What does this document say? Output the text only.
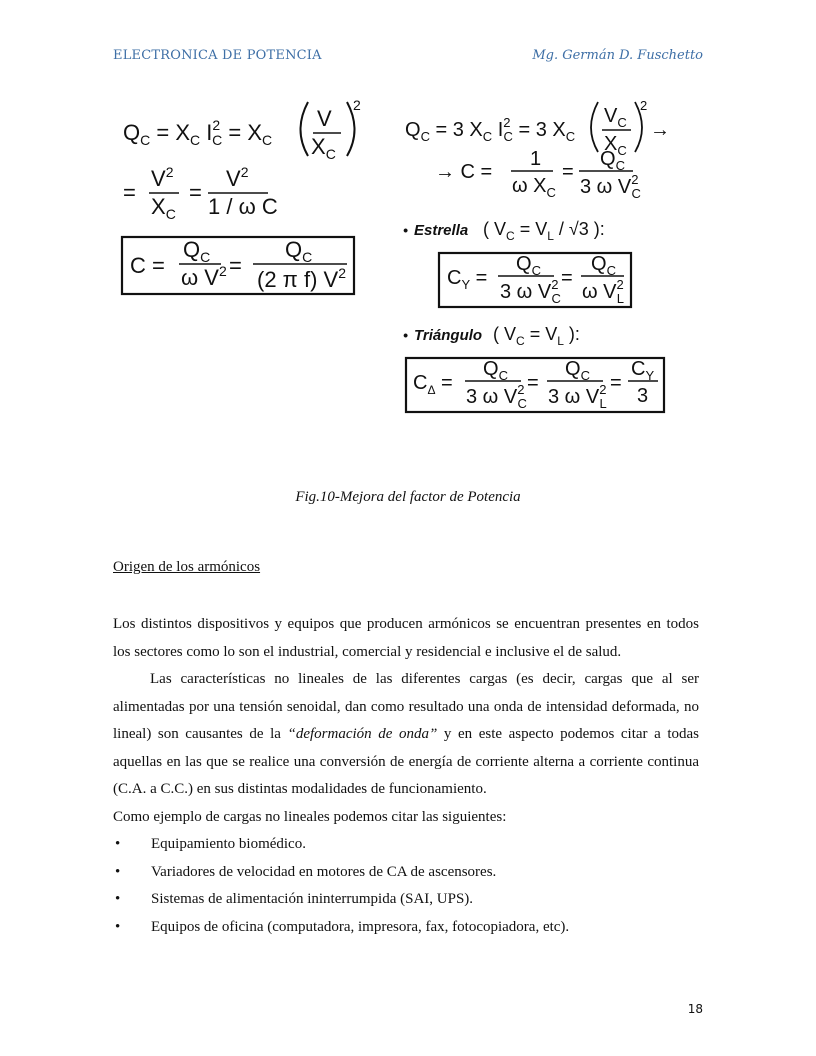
ELECTRONICA DE POTENCIA	Mg. Germán D. Fuschetto
$Q_C = X_C$ $I^2$ $C = X_C$
V
$X_C$
2
=
$V^2$
$X_C$
=
$V^2$
1 / ω C
C =
$Q_C$
ω $V^2$ =
$Q_C$
(2 π f) $V^2$
$Q_C = 3$ $X_C$ $I^2$ C = 3 $X_C$
$V_C$
$X_C$
2
→
→ C =
1
ω $X_C$
=
$Q_C$
3 ω $V^2$ C
• Estrella ( $V_C = V_L / √3$ ):
$C_Y$ =
$Q_C$
3 ω $V^2$ C
=
$Q_C$
ω $V^2$ L
• Triángulo ( $V_C = V_L$ ):
$C_\Delta$ =
$Q_C$
3 ω $V^2$ C
=
$Q_C$
3 ω $V^2$ L
=
$C_Y$
3
Fig.10-Mejora del factor de Potencia
Origen de los armónicos

Los distintos dispositivos y equipos que producen armónicos se encuentran presentes en todos los sectores como lo son el industrial, comercial y residencial e inclusive el de salud.

Las características no lineales de las diferentes cargas (es decir, cargas que al ser alimentadas por una tensión senoidal, dan como resultado una onda de intensidad deformada, no lineal) son causantes de la “deformación de onda” y en este aspecto podemos citar a todas aquellas en las que se realice una conversión de energía de corriente alterna a corriente continua (C.A. a C.C.) en sus distintas modalidades de funcionamiento.

Como ejemplo de cargas no lineales podemos citar las siguientes:

• Equipamiento biomédico.

• Variadores de velocidad en motores de CA de ascensores.

• Sistemas de alimentación ininterrumpida (SAI, UPS).

• Equipos de oficina (computadora, impresora, fax, fotocopiadora, etc).

18
